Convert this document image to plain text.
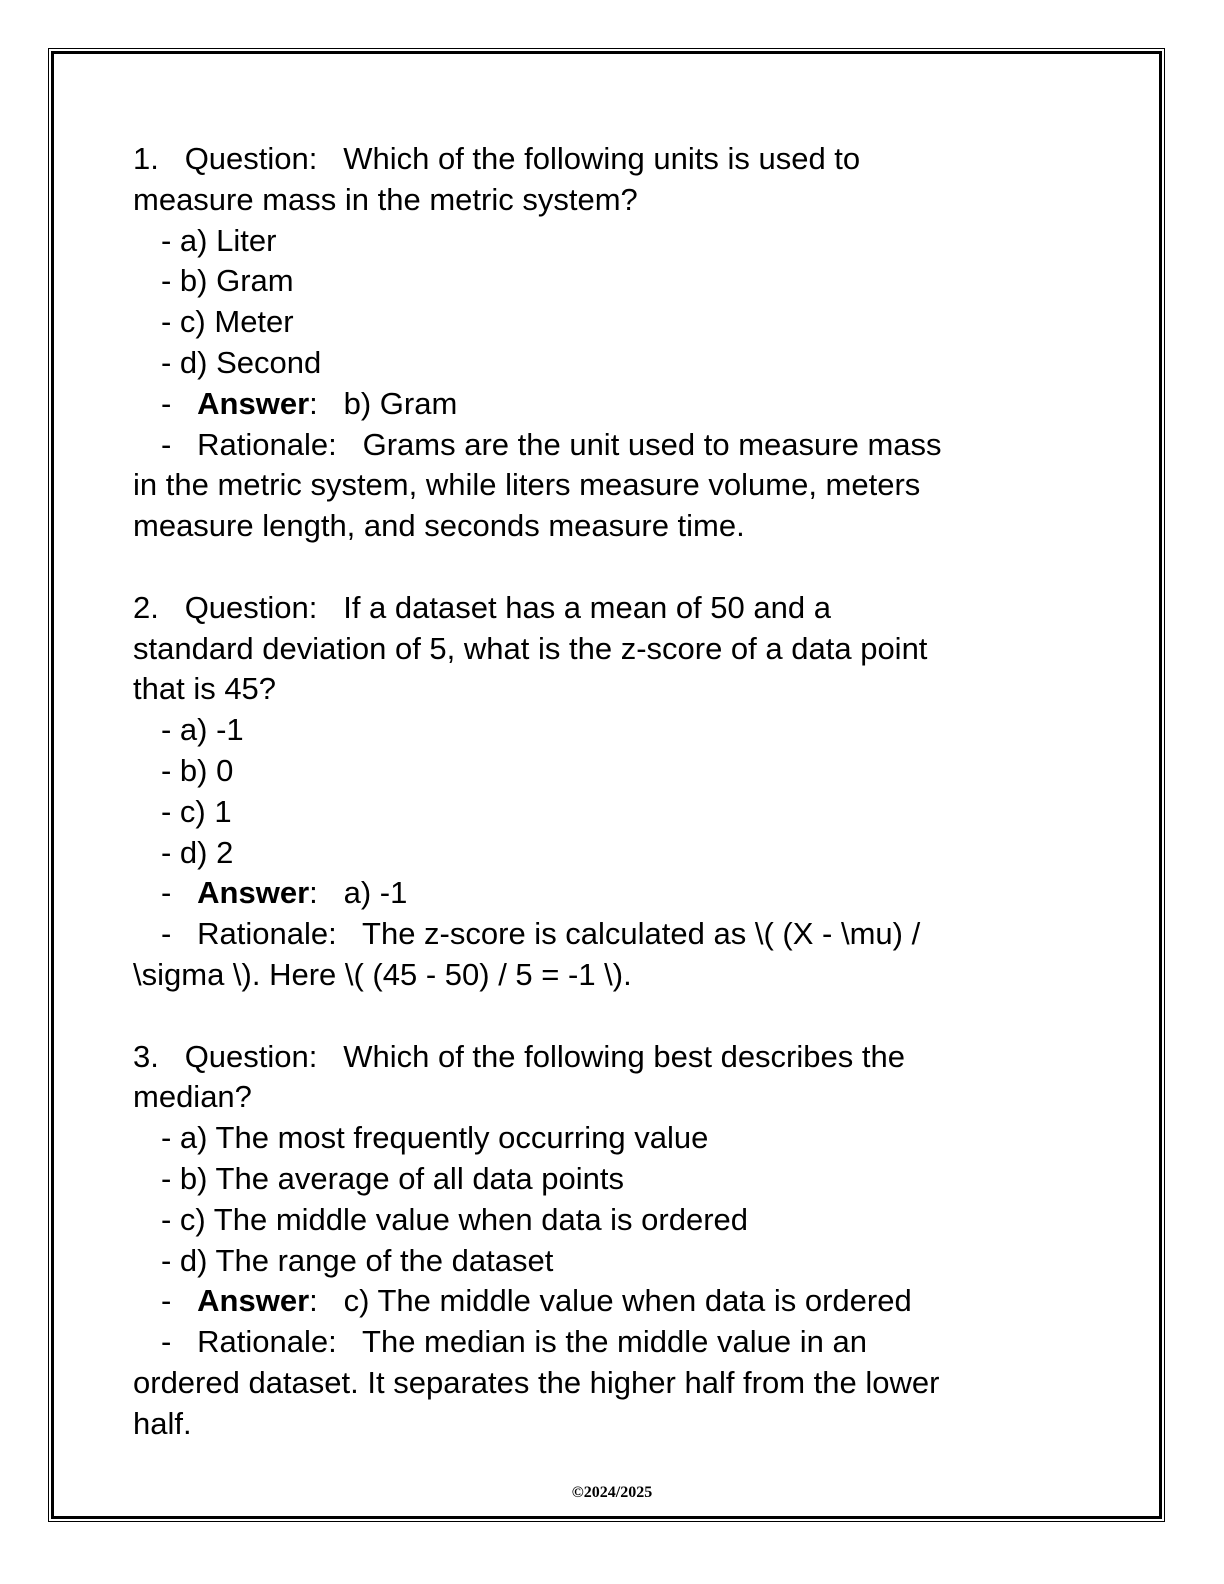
1.   Question:   Which of the following units is used to
measure mass in the metric system?
- a) Liter
- b) Gram
- c) Meter
- d) Second
-   Answer:   b) Gram
-   Rationale:   Grams are the unit used to measure mass
in the metric system, while liters measure volume, meters
measure length, and seconds measure time.
2.   Question:   If a dataset has a mean of 50 and a
standard deviation of 5, what is the z-score of a data point
that is 45?
- a) -1
- b) 0
- c) 1
- d) 2
-   Answer:   a) -1
-   Rationale:   The z-score is calculated as \( (X - \mu) /
\sigma \). Here \( (45 - 50) / 5 = -1 \).
3.   Question:   Which of the following best describes the
median?
- a) The most frequently occurring value
- b) The average of all data points
- c) The middle value when data is ordered
- d) The range of the dataset
-   Answer:   c) The middle value when data is ordered
-   Rationale:   The median is the middle value in an
ordered dataset. It separates the higher half from the lower
half.
©2024/2025
